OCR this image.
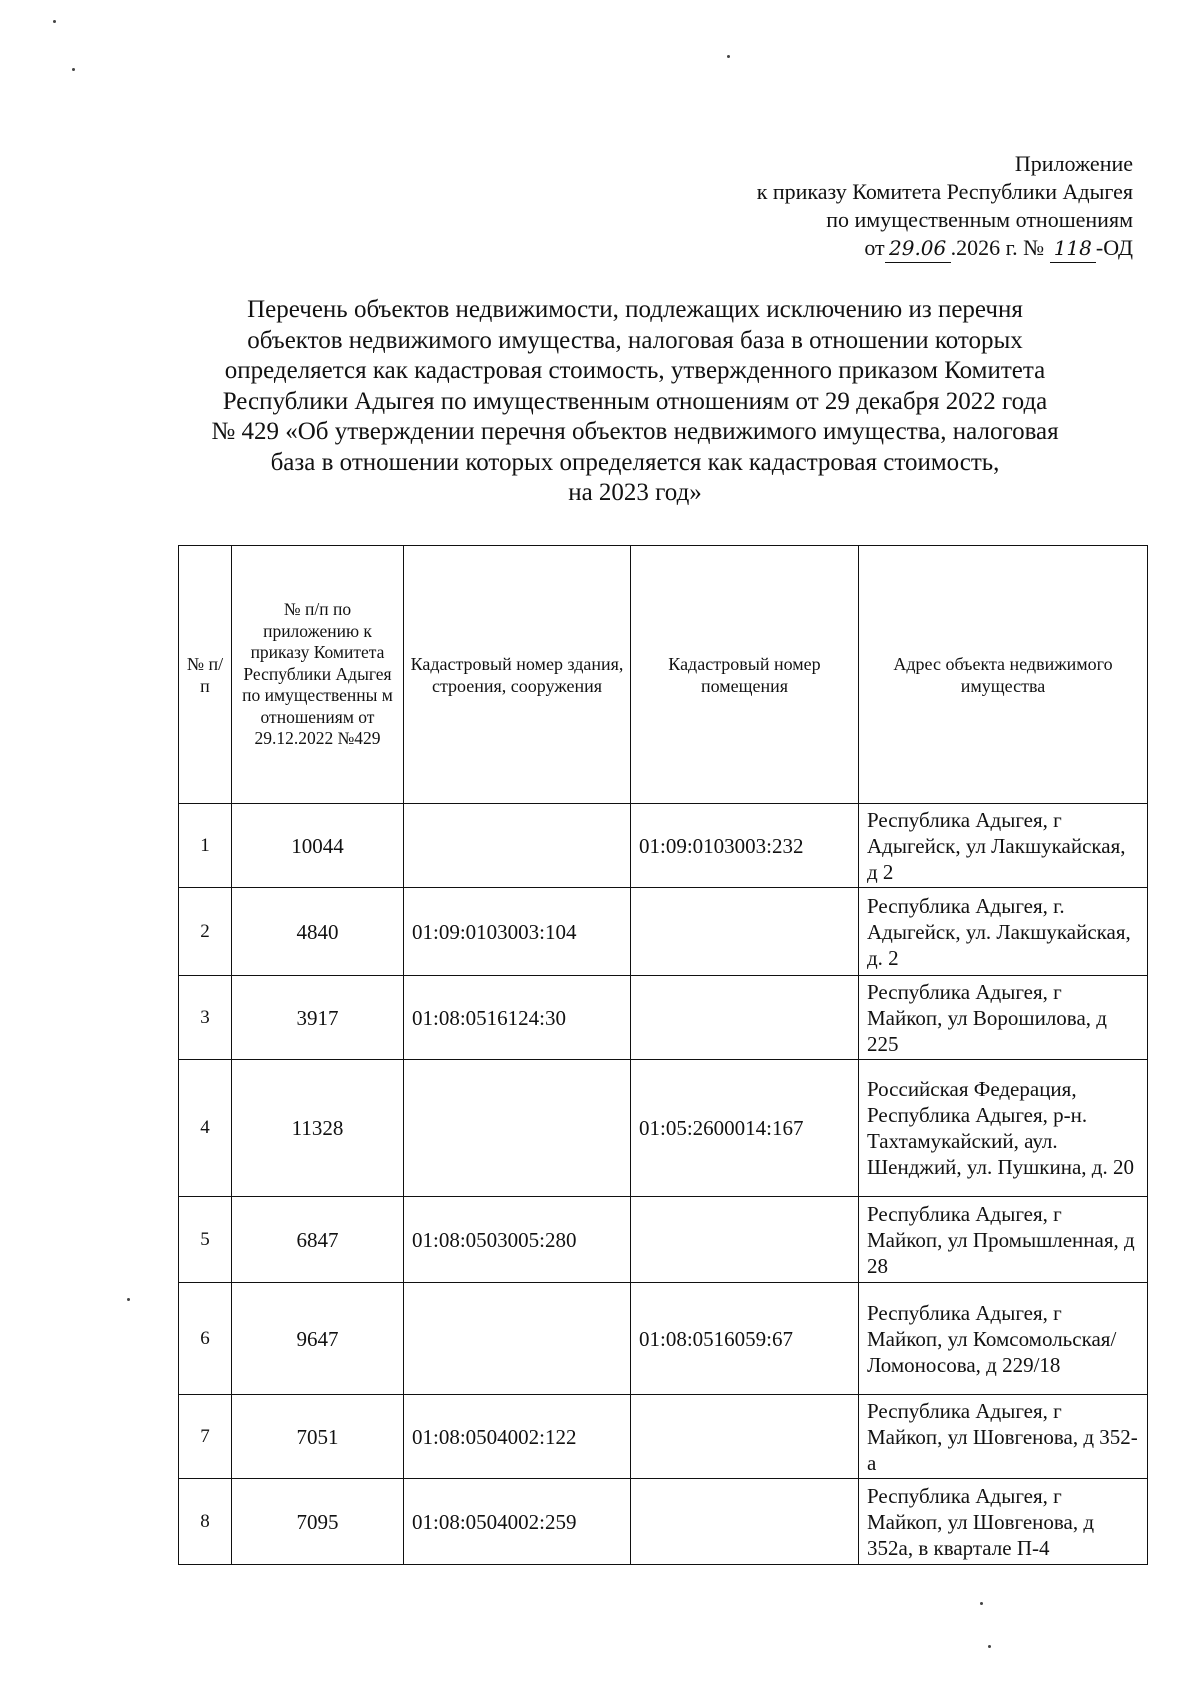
Приложение
к приказу Комитета Республики Адыгея
по имущественным отношениям
от 29.06 .2026 г. № 118 -ОД
Перечень объектов недвижимости, подлежащих исключению из перечня
объектов недвижимого имущества, налоговая база в отношении которых
определяется как кадастровая стоимость, утвержденного приказом Комитета
Республики Адыгея по имущественным отношениям от 29 декабря 2022 года
№ 429 «Об утверждении перечня объектов недвижимого имущества, налоговая
база в отношении которых определяется как кадастровая стоимость,
на 2023 год»
№ п/п	№ п/п по приложению к приказу Комитета Республики Адыгея по имущественны м отношениям от 29.12.2022 №429	Кадастровый номер здания, строения, сооружения	Кадастровый номер помещения	Адрес объекта недвижимого имущества
1	10044		01:09:0103003:232	Республика Адыгея, г Адыгейск, ул Лакшукайская, д 2
2	4840	01:09:0103003:104		Республика Адыгея, г. Адыгейск, ул. Лакшукайская, д. 2
3	3917	01:08:0516124:30		Республика Адыгея, г Майкоп, ул Ворошилова, д 225
4	11328		01:05:2600014:167	Российская Федерация, Республика Адыгея, р-н. Тахтамукайский, аул. Шенджий, ул. Пушкина, д. 20
5	6847	01:08:0503005:280		Республика Адыгея, г Майкоп, ул Промышленная, д 28
6	9647		01:08:0516059:67	Республика Адыгея, г Майкоп, ул Комсомольская/Ломоносова, д 229/18
7	7051	01:08:0504002:122		Республика Адыгея, г Майкоп, ул Шовгенова, д 352-а
8	7095	01:08:0504002:259		Республика Адыгея, г Майкоп, ул Шовгенова, д 352а, в квартале П-4
